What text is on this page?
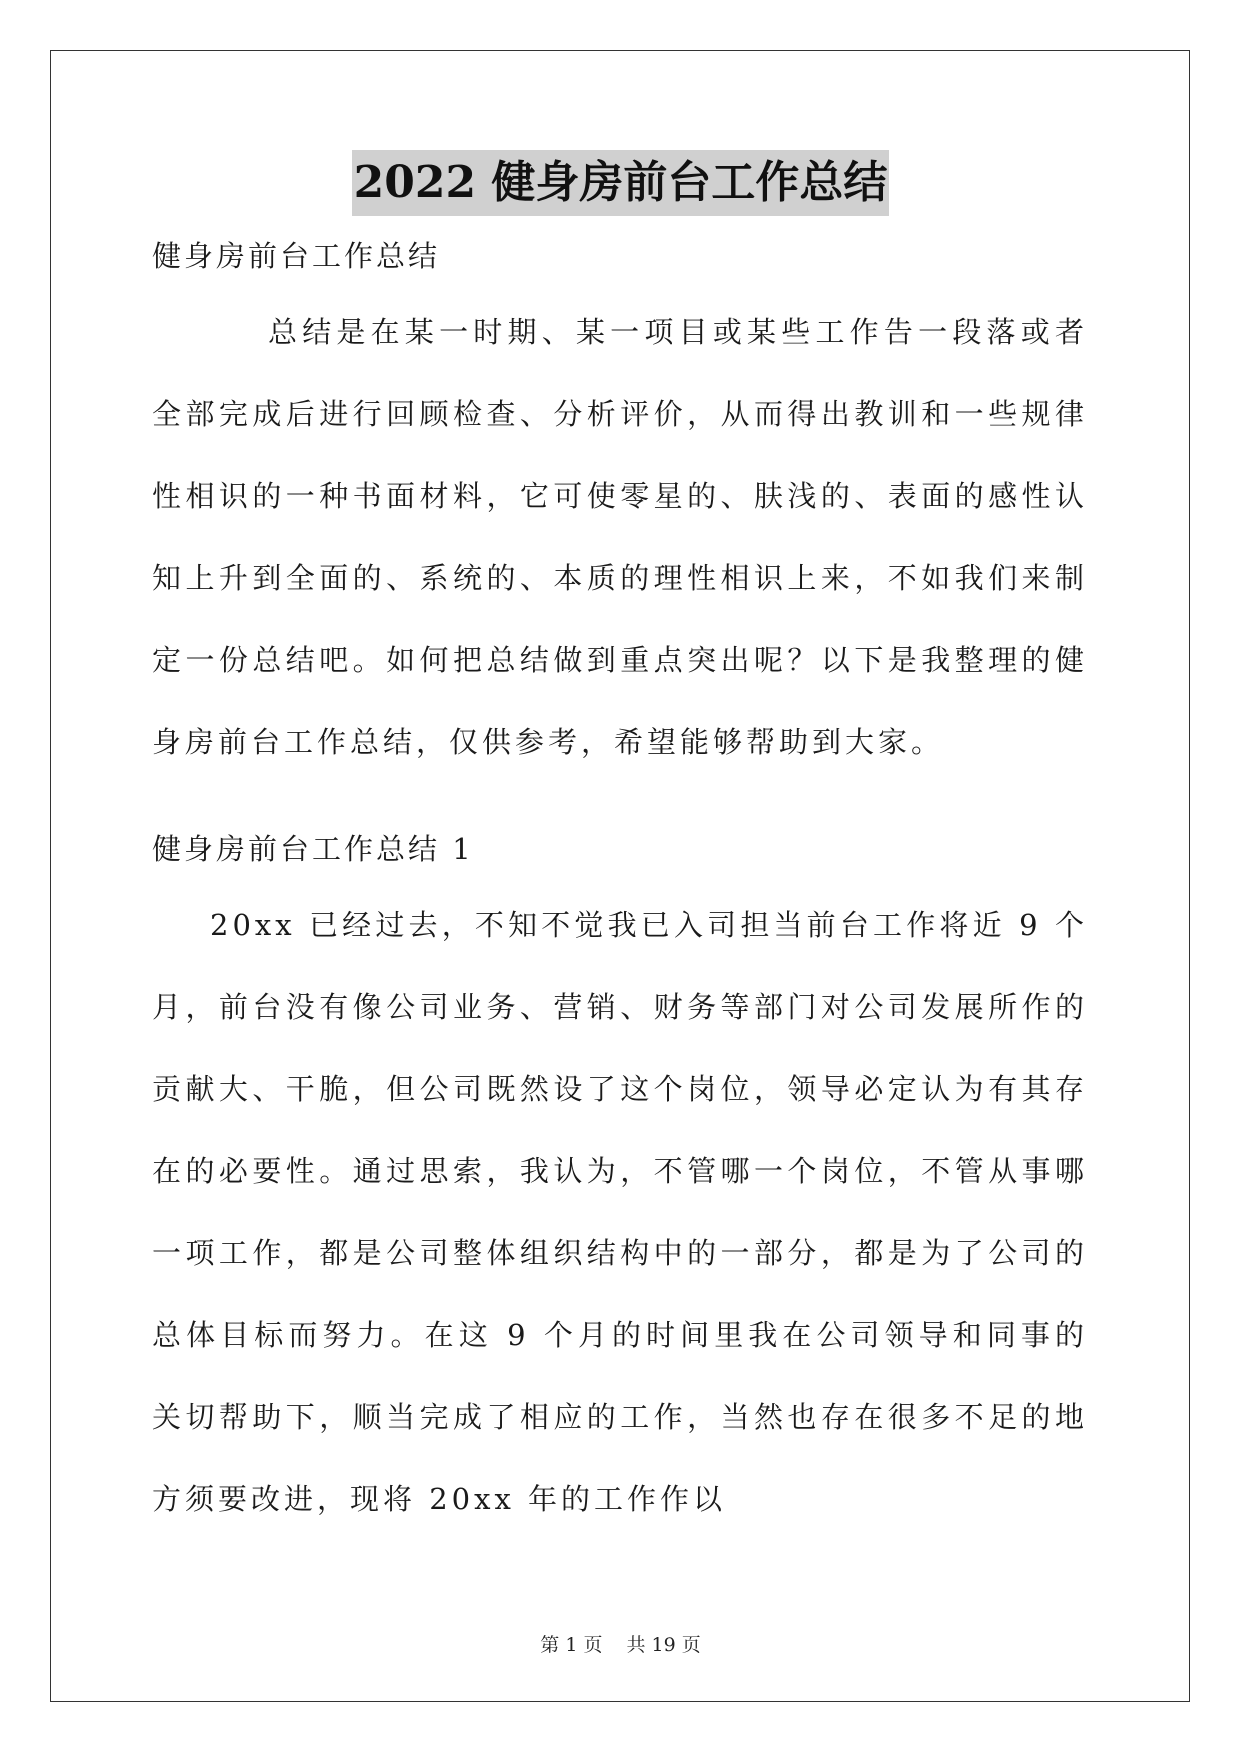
2022 健身房前台工作总结
健身房前台工作总结

总结是在某一时期、某一项目或某些工作告一段落或者全部完成后进行回顾检查、分析评价，从而得出教训和一些规律性相识的一种书面材料，它可使零星的、肤浅的、表面的感性认知上升到全面的、系统的、本质的理性相识上来，不如我们来制定一份总结吧。如何把总结做到重点突出呢？以下是我整理的健身房前台工作总结，仅供参考，希望能够帮助到大家。

健身房前台工作总结 1

20xx 已经过去，不知不觉我已入司担当前台工作将近 9 个月，前台没有像公司业务、营销、财务等部门对公司发展所作的贡献大、干脆，但公司既然设了这个岗位，领导必定认为有其存在的必要性。通过思索，我认为，不管哪一个岗位，不管从事哪一项工作，都是公司整体组织结构中的一部分，都是为了公司的总体目标而努力。在这 9 个月的时间里我在公司领导和同事的关切帮助下，顺当完成了相应的工作，当然也存在很多不足的地方须要改进，现将 20xx 年的工作作以

第 1 页 共 19 页
